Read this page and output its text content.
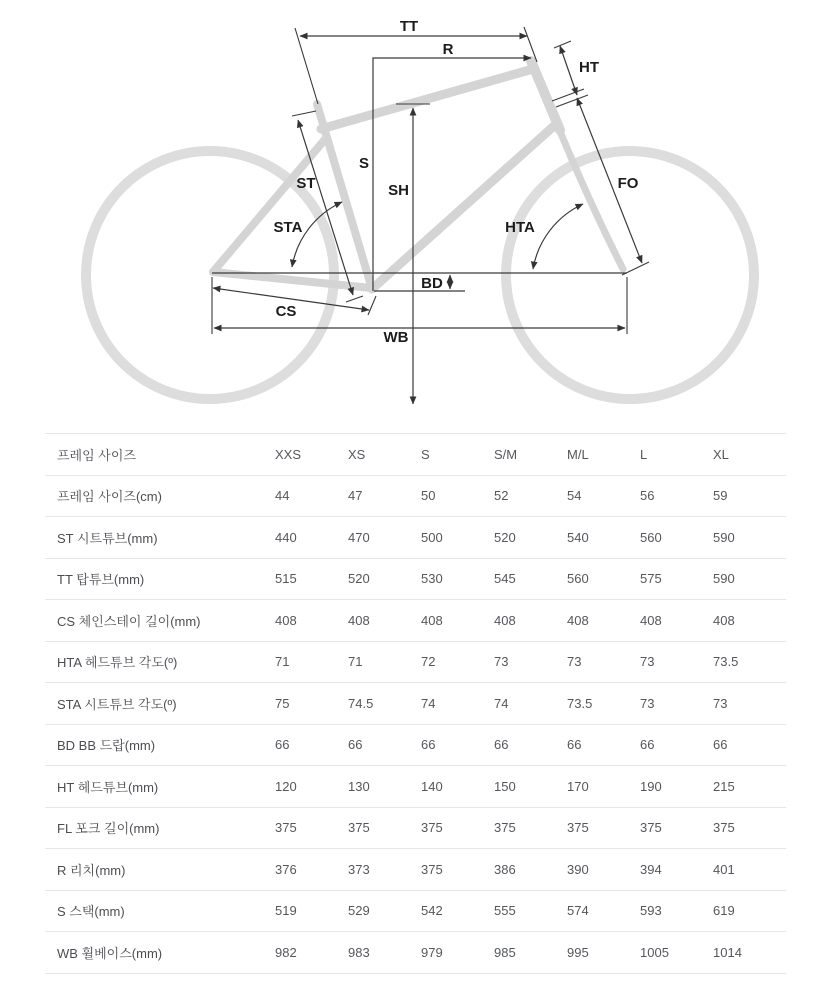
TT
R
HT
S
SH
ST
STA
FO
HTA
BD
CS
WB
프레임 사이즈	XXS	XS	S	S/M	M/L	L	XL
프레임 사이즈(cm)	44	47	50	52	54	56	59
ST 시트튜브(mm)	440	470	500	520	540	560	590
TT 탑튜브(mm)	515	520	530	545	560	575	590
CS 체인스테이 길이(mm)	408	408	408	408	408	408	408
HTA 헤드튜브 각도(º)	71	71	72	73	73	73	73.5
STA 시트튜브 각도(º)	75	74.5	74	74	73.5	73	73
BD BB 드랍(mm)	66	66	66	66	66	66	66
HT 헤드튜브(mm)	120	130	140	150	170	190	215
FL 포크 길이(mm)	375	375	375	375	375	375	375
R 리치(mm)	376	373	375	386	390	394	401
S 스택(mm)	519	529	542	555	574	593	619
WB 휠베이스(mm)	982	983	979	985	995	1005	1014
